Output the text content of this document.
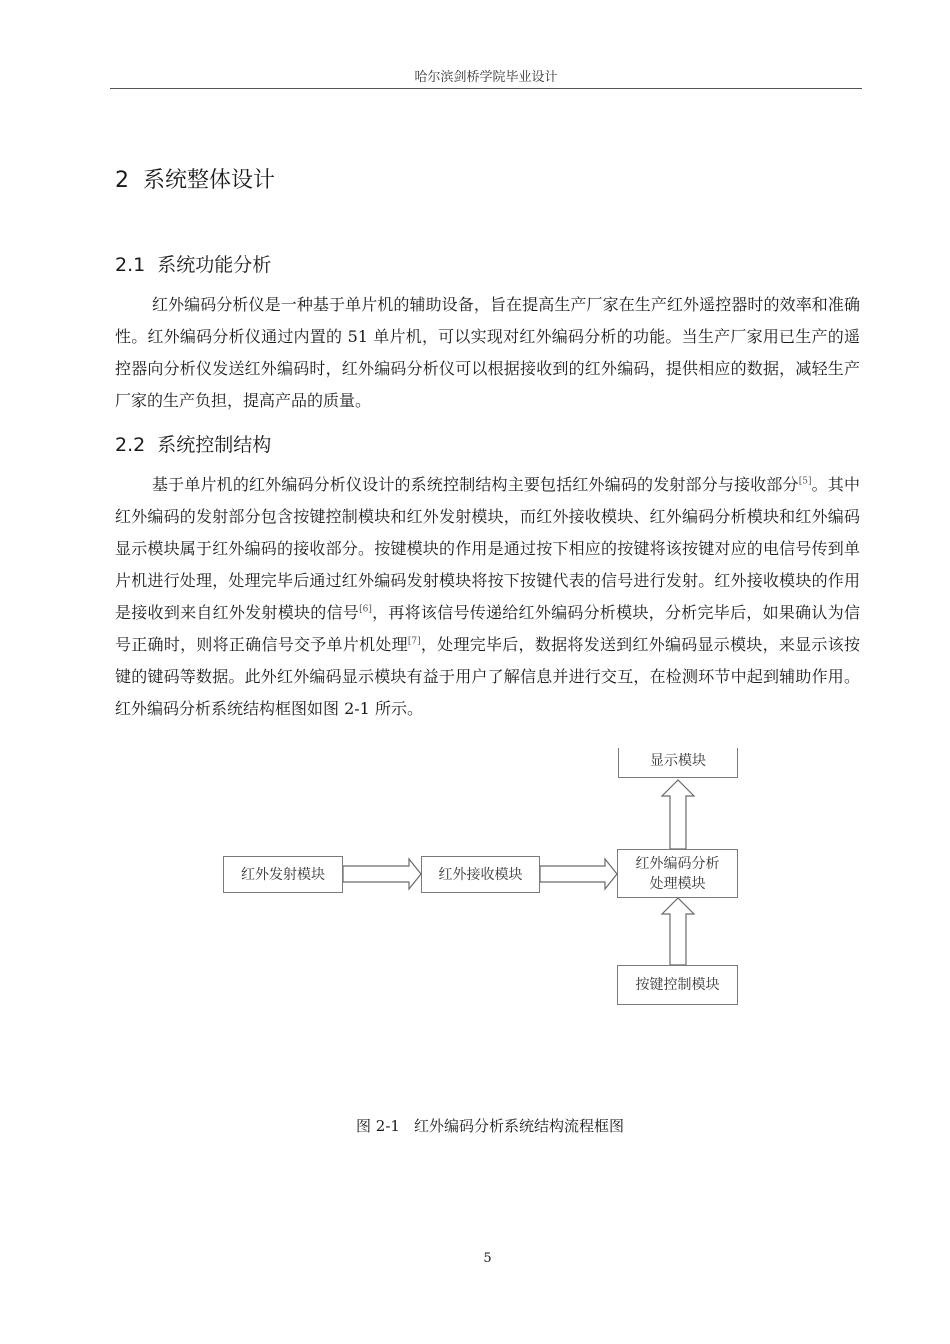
哈尔滨剑桥学院毕业设计
2 系统整体设计
2.1 系统功能分析
红外编码分析仪是一种基于单片机的辅助设备，旨在提高生产厂家在生产红外遥控器时的效率和准确性。红外编码分析仪通过内置的 51 单片机，可以实现对红外编码分析的功能。当生产厂家用已生产的遥控器向分析仪发送红外编码时，红外编码分析仪可以根据接收到的红外编码，提供相应的数据，减轻生产厂家的生产负担，提高产品的质量。
2.2 系统控制结构
基于单片机的红外编码分析仪设计的系统控制结构主要包括红外编码的发射部分与接收部分[5]。其中红外编码的发射部分包含按键控制模块和红外发射模块，而红外接收模块、红外编码分析模块和红外编码显示模块属于红外编码的接收部分。按键模块的作用是通过按下相应的按键将该按键对应的电信号传到单片机进行处理，处理完毕后通过红外编码发射模块将按下按键代表的信号进行发射。红外接收模块的作用是接收到来自红外发射模块的信号[6]，再将该信号传递给红外编码分析模块，分析完毕后，如果确认为信号正确时，则将正确信号交予单片机处理[7]，处理完毕后，数据将发送到红外编码显示模块，来显示该按键的键码等数据。此外红外编码显示模块有益于用户了解信息并进行交互，在检测环节中起到辅助作用。红外编码分析系统结构框图如图 2-1 所示。
显示模块
红外发射模块	红外接收模块
红外编码分析
处理模块
按键控制模块
图 2-1 红外编码分析系统结构流程框图
5
